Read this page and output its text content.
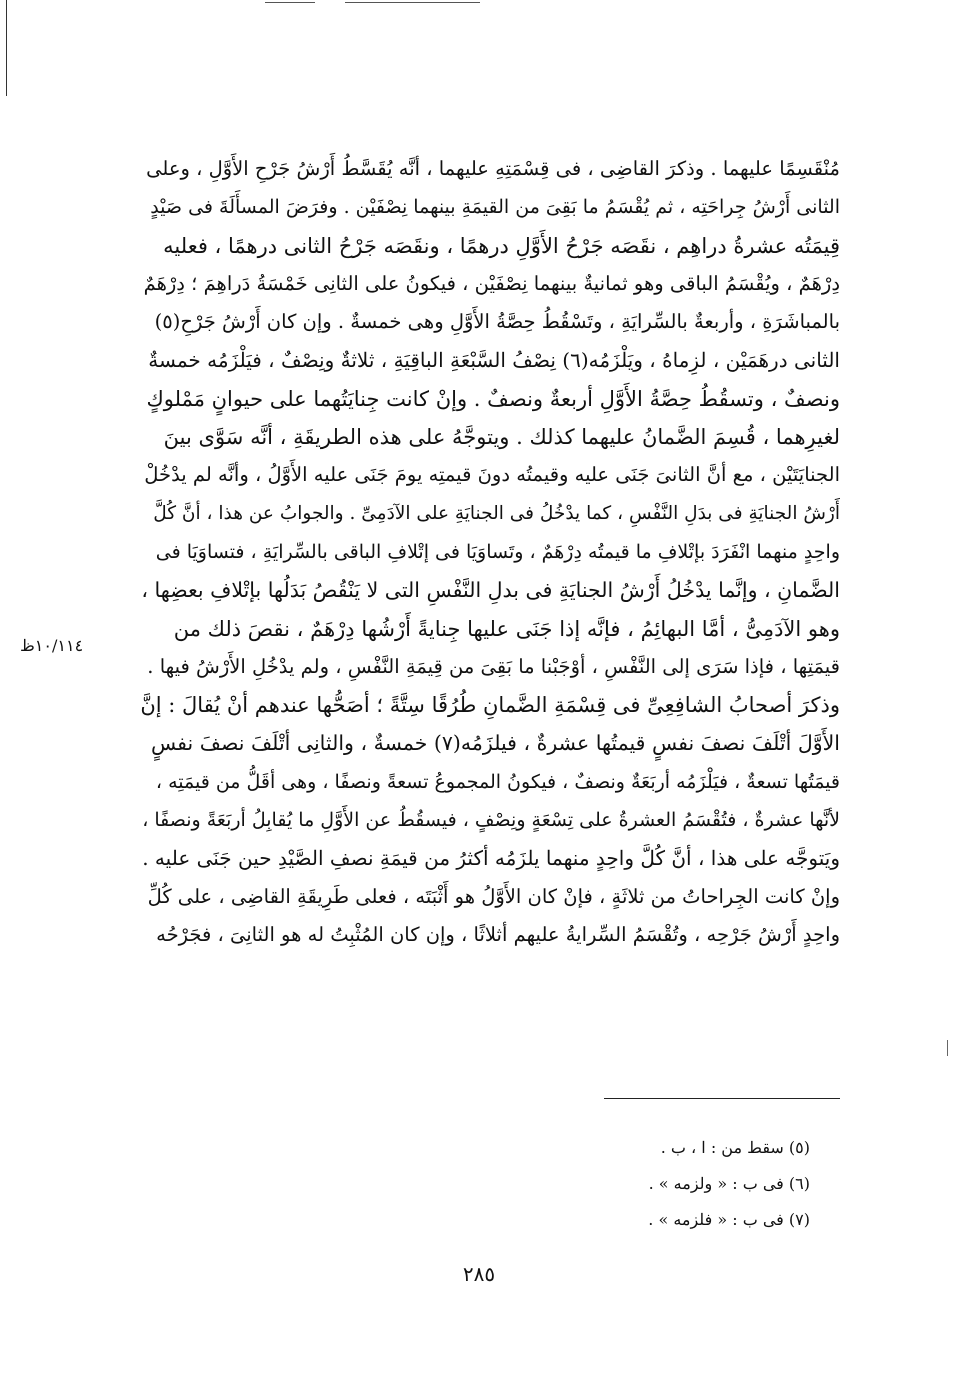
مُنْقَسِمًا عليهما . وذكرَ القاضِى ، فى قِسْمَتِهِ عليهما ، أنَّه يُقَسَّطُ أَرْشُ جَرْحِ الأَوَّلِ ، وعلى
الثانى أَرْشُ جِراحَتِه ، ثم يُقْسَمُ ما بَقِىَ من القيمَةِ بينهما نِصْفَيْن . وفرَضَ المسأَلَةَ فى صَيْدٍ
قِيمَتُه عشرةُ دراهِم ، نقَصَه جَرْحُ الأَوَّلِ درهمًا ، ونقَصَه جَرْحُ الثانى درهمًا ، فعليه
دِرْهَمٌ ، ويُقْسَمُ الباقى وهو ثمانيةٌ بينهما نِصْفَيْن ، فيكونُ على الثانِى خَمْسَةُ دَراهِمَ ؛ دِرْهَمٌ
بالمباشَرَةِ ، وأربعةٌ بالسِّرايَةِ ، وتَسْقُطُ حِصَّةُ الأَوَّلِ وهى خمسةٌ . وإن كان أَرْشُ جَرْحِ(٥)
الثانى درهَمَيْن ، لزِماهُ ، ويَلْزَمُه(٦) نِصْفُ السَّبْعَةِ الباقِيَةِ ، ثلاثةٌ ونِصْفٌ ، فيَلْزَمُه خمسةٌ
ونصفٌ ، وتسقُطُ حِصَّةُ الأَوَّلِ أربعةٌ ونصفٌ . وإنْ كانت جِنايَتُهما على حيوانٍ مَمْلوكٍ
لغيرِهما ، قُسِمَ الضَّمانُ عليهما كذلك . ويتوجَّهُ على هذه الطريقَةِ ، أنَّه سَوَّى بينَ
الجنايَتَيْن ، مع أنَّ الثانىَ جَنَى عليه وقيمتُه دونَ قيمتِه يومَ جَنَى عليه الأَوَّلُ ، وأنَّه لم يدْخُلْ
أَرْشُ الجنايَةِ فى بدَلِ النَّفْسِ ، كما يدْخُلُ فى الجنايَةِ على الآدَمِىِّ . والجوابُ عن هذا ، أنَّ كُلَّ
واحِدٍ منهما انْفَرَدَ بإتْلافِ ما قيمتُه دِرْهَمٌ ، وتَساوَيَا فى إتْلافِ الباقى بالسِّرايَةِ ، فتساوَيَا فى
الضَّمانِ ، وإنَّما يدْخُلُ أَرْشُ الجنايَةِ فى بدلِ النَّفْسِ التى لا يَنْقُصُ بَدَلُها بإتْلافِ بعضِها ،
وهو الآدَمِىُّ ، أمَّا البهائِمُ ، فإنَّه إذا جَنَى عليها جِنايةً أَرْشُها دِرْهَمٌ ، نقصَ ذلك من
قيمَتِها ، فإذا سَرَى إلى النَّفْسِ ، أوْجَبْنا ما بَقِىَ من قِيمَةِ النَّفْسِ ، ولم يدْخُلِ الأَرْشُ فيها .
وذكرَ أصحابُ الشافِعِىِّ فى قِسْمَةِ الضَّمانِ طُرُقًا سِتَّةً ؛ أصَحُّها عندهم أنْ يُقالَ : إنَّ
الأَوَّلَ أتْلَفَ نصفَ نفسٍ قيمتُها عشرةٌ ، فيلزَمُه(٧) خمسةٌ ، والثانِى أتْلَفَ نصفَ نفسٍ
قيمَتُها تسعةٌ ، فيَلْزَمُه أربَعَةٌ ونصفٌ ، فيكونُ المجموعُ تسعةً ونصفًا ، وهى أقَلُّ من قيمَتِه ،
لأنَّها عشرةٌ ، فتُقْسَمُ العشرةُ على تِسْعَةٍ ونِصْفٍ ، فيسقُطُ عن الأَوَّلِ ما يُقابِلُ أربَعَةً ونصفًا ،
ويَتوجَّه على هذا ، أنَّ كُلَّ واحِدٍ منهما يلزَمُه أكثرُ من قيمَةِ نصفِ الصَّيْدِ حين جَنَى عليه .
وإنْ كانت الجِراحاتُ من ثلاثَةٍ ، فإنْ كان الأَوَّلُ هو أَثْبَتَه ، فعلى طَرِيقَةِ القاضِى ، على كُلِّ
واحِدٍ أَرْشُ جَرْحِه ، وتُقْسَمُ السِّرايةُ عليهم أثلاثًا ، وإن كان المُثْبِتُ له هو الثانِىَ ، فجَرْحُه
١٠/١١٤ظ
(٥) سقط من : ا ، ب .
(٦) فى ب : « ولزمه » .
(٧) فى ب : « فلزمه » .
٢٨٥
